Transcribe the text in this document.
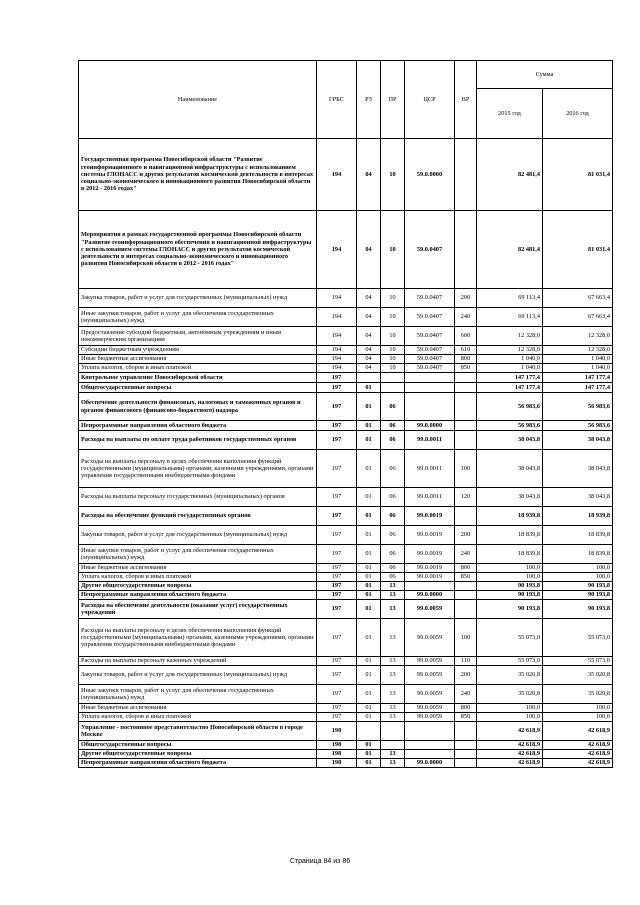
Наименование	ГРБС	РЗ	ПР	ЦСР	ВР	Сумма	
						2015 год	2016 год
Государственная программа Новосибирской области "Развитие геоинформационного и навигационной инфраструктуры с использованием системы ГЛОНАСС и других результатов космической деятельности в интересах социально-экономического и инновационного развития Новосибирской области в 2012 - 2016 годах"	194	04	10	59.0.0000		82 481,4	81 031,4
Мероприятия в рамках государственной программы Новосибирской области "Развитие геоинформационного обеспечения и навигационной инфраструктуры с использованием системы ГЛОНАСС и других результатов космической деятельности в интересах социально-экономического и инновационного развития Новосибирской области в 2012 - 2016 годах"	194	04	10	59.0.0407		82 481,4	81 031,4
Закупка товаров, работ и услуг для государственных (муниципальных) нужд	194	04	10	59.0.0407	200	69 113,4	67 663,4
Иные закупки товаров, работ и услуг для обеспечения государственных (муниципальных) нужд	194	04	10	59.0.0407	240	69 113,4	67 663,4
Предоставление субсидий бюджетным, автономным учреждениям и иным некоммерческим организациям	194	04	10	59.0.0407	600	12 328,0	12 328,0
Субсидии бюджетным учреждениям	194	04	10	59.0.0407	610	12 328,0	12 328,0
Иные бюджетные ассигнования	194	04	10	59.0.0407	800	1 040,0	1 040,0
Уплата налогов, сборов и иных платежей	194	04	10	59.0.0407	850	1 040,0	1 040,0
Контрольное управление Новосибирской области	197					147 177,4	147 177,4
Общегосударственные вопросы	197	01				147 177,4	147 177,4
Обеспечение деятельности финансовых, налоговых и таможенных органов и органов финансового (финансово-бюджетного) надзора	197	01	06			56 983,6	56 983,6
Непрограммные направления областного бюджета	197	01	06	99.0.0000		56 983,6	56 983,6
Расходы на выплаты по оплате труда работников государственных органов	197	01	06	99.0.0011		38 043,8	38 043,8
Расходы на выплаты персоналу в целях обеспечения выполнения функций государственными (муниципальными) органами, казенными учреждениями, органами управления государственными внебюджетными фондами	197	01	06	99.0.0011	100	38 043,8	38 043,8
Расходы на выплаты персоналу государственных (муниципальных) органов	197	01	06	99.0.0011	120	38 043,8	38 043,8
Расходы на обеспечение функций государственных органов	197	01	06	99.0.0019		18 939,8	18 939,8
Закупка товаров, работ и услуг для государственных (муниципальных) нужд	197	01	06	99.0.0019	200	18 839,8	18 839,8
Иные закупки товаров, работ и услуг для обеспечения государственных (муниципальных) нужд	197	01	06	99.0.0019	240	18 839,8	18 839,8
Иные бюджетные ассигнования	197	01	06	99.0.0019	800	100,0	100,0
Уплата налогов, сборов и иных платежей	197	01	06	99.0.0019	850	100,0	100,0
Другие общегосударственные вопросы	197	01	13			90 193,8	90 193,8
Непрограммные направления областного бюджета	197	01	13	99.0.0000		90 193,8	90 193,8
Расходы на обеспечение деятельности (оказание услуг) государственных учреждений	197	01	13	99.0.0059		90 193,8	90 193,8
Расходы на выплаты персоналу в целях обеспечения выполнения функций государственными (муниципальными) органами, казенными учреждениями, органами управления государственными внебюджетными фондами	197	01	13	99.0.0059	100	55 073,0	55 073,0
Расходы на выплаты персоналу казенных учреждений	197	01	13	99.0.0059	110	55 073,0	55 073,0
Закупка товаров, работ и услуг для государственных (муниципальных) нужд	197	01	13	99.0.0059	200	35 020,8	35 020,8
Иные закупки товаров, работ и услуг для обеспечения государственных (муниципальных) нужд	197	01	13	99.0.0059	240	35 020,8	35 020,8
Иные бюджетные ассигнования	197	01	13	99.0.0059	800	100,0	100,0
Уплата налогов, сборов и иных платежей	197	01	13	99.0.0059	850	100,0	100,0
Управление - постоянное представительство Новосибирской области в городе Москве	198					42 618,9	42 618,9
Общегосударственные вопросы	198	01				42 618,9	42 618,9
Другие общегосударственные вопросы	198	01	13			42 618,9	42 618,9
Непрограммные направления областного бюджета	198	01	13	99.0.0000		42 618,9	42 618,9
Страница 84 из 86
